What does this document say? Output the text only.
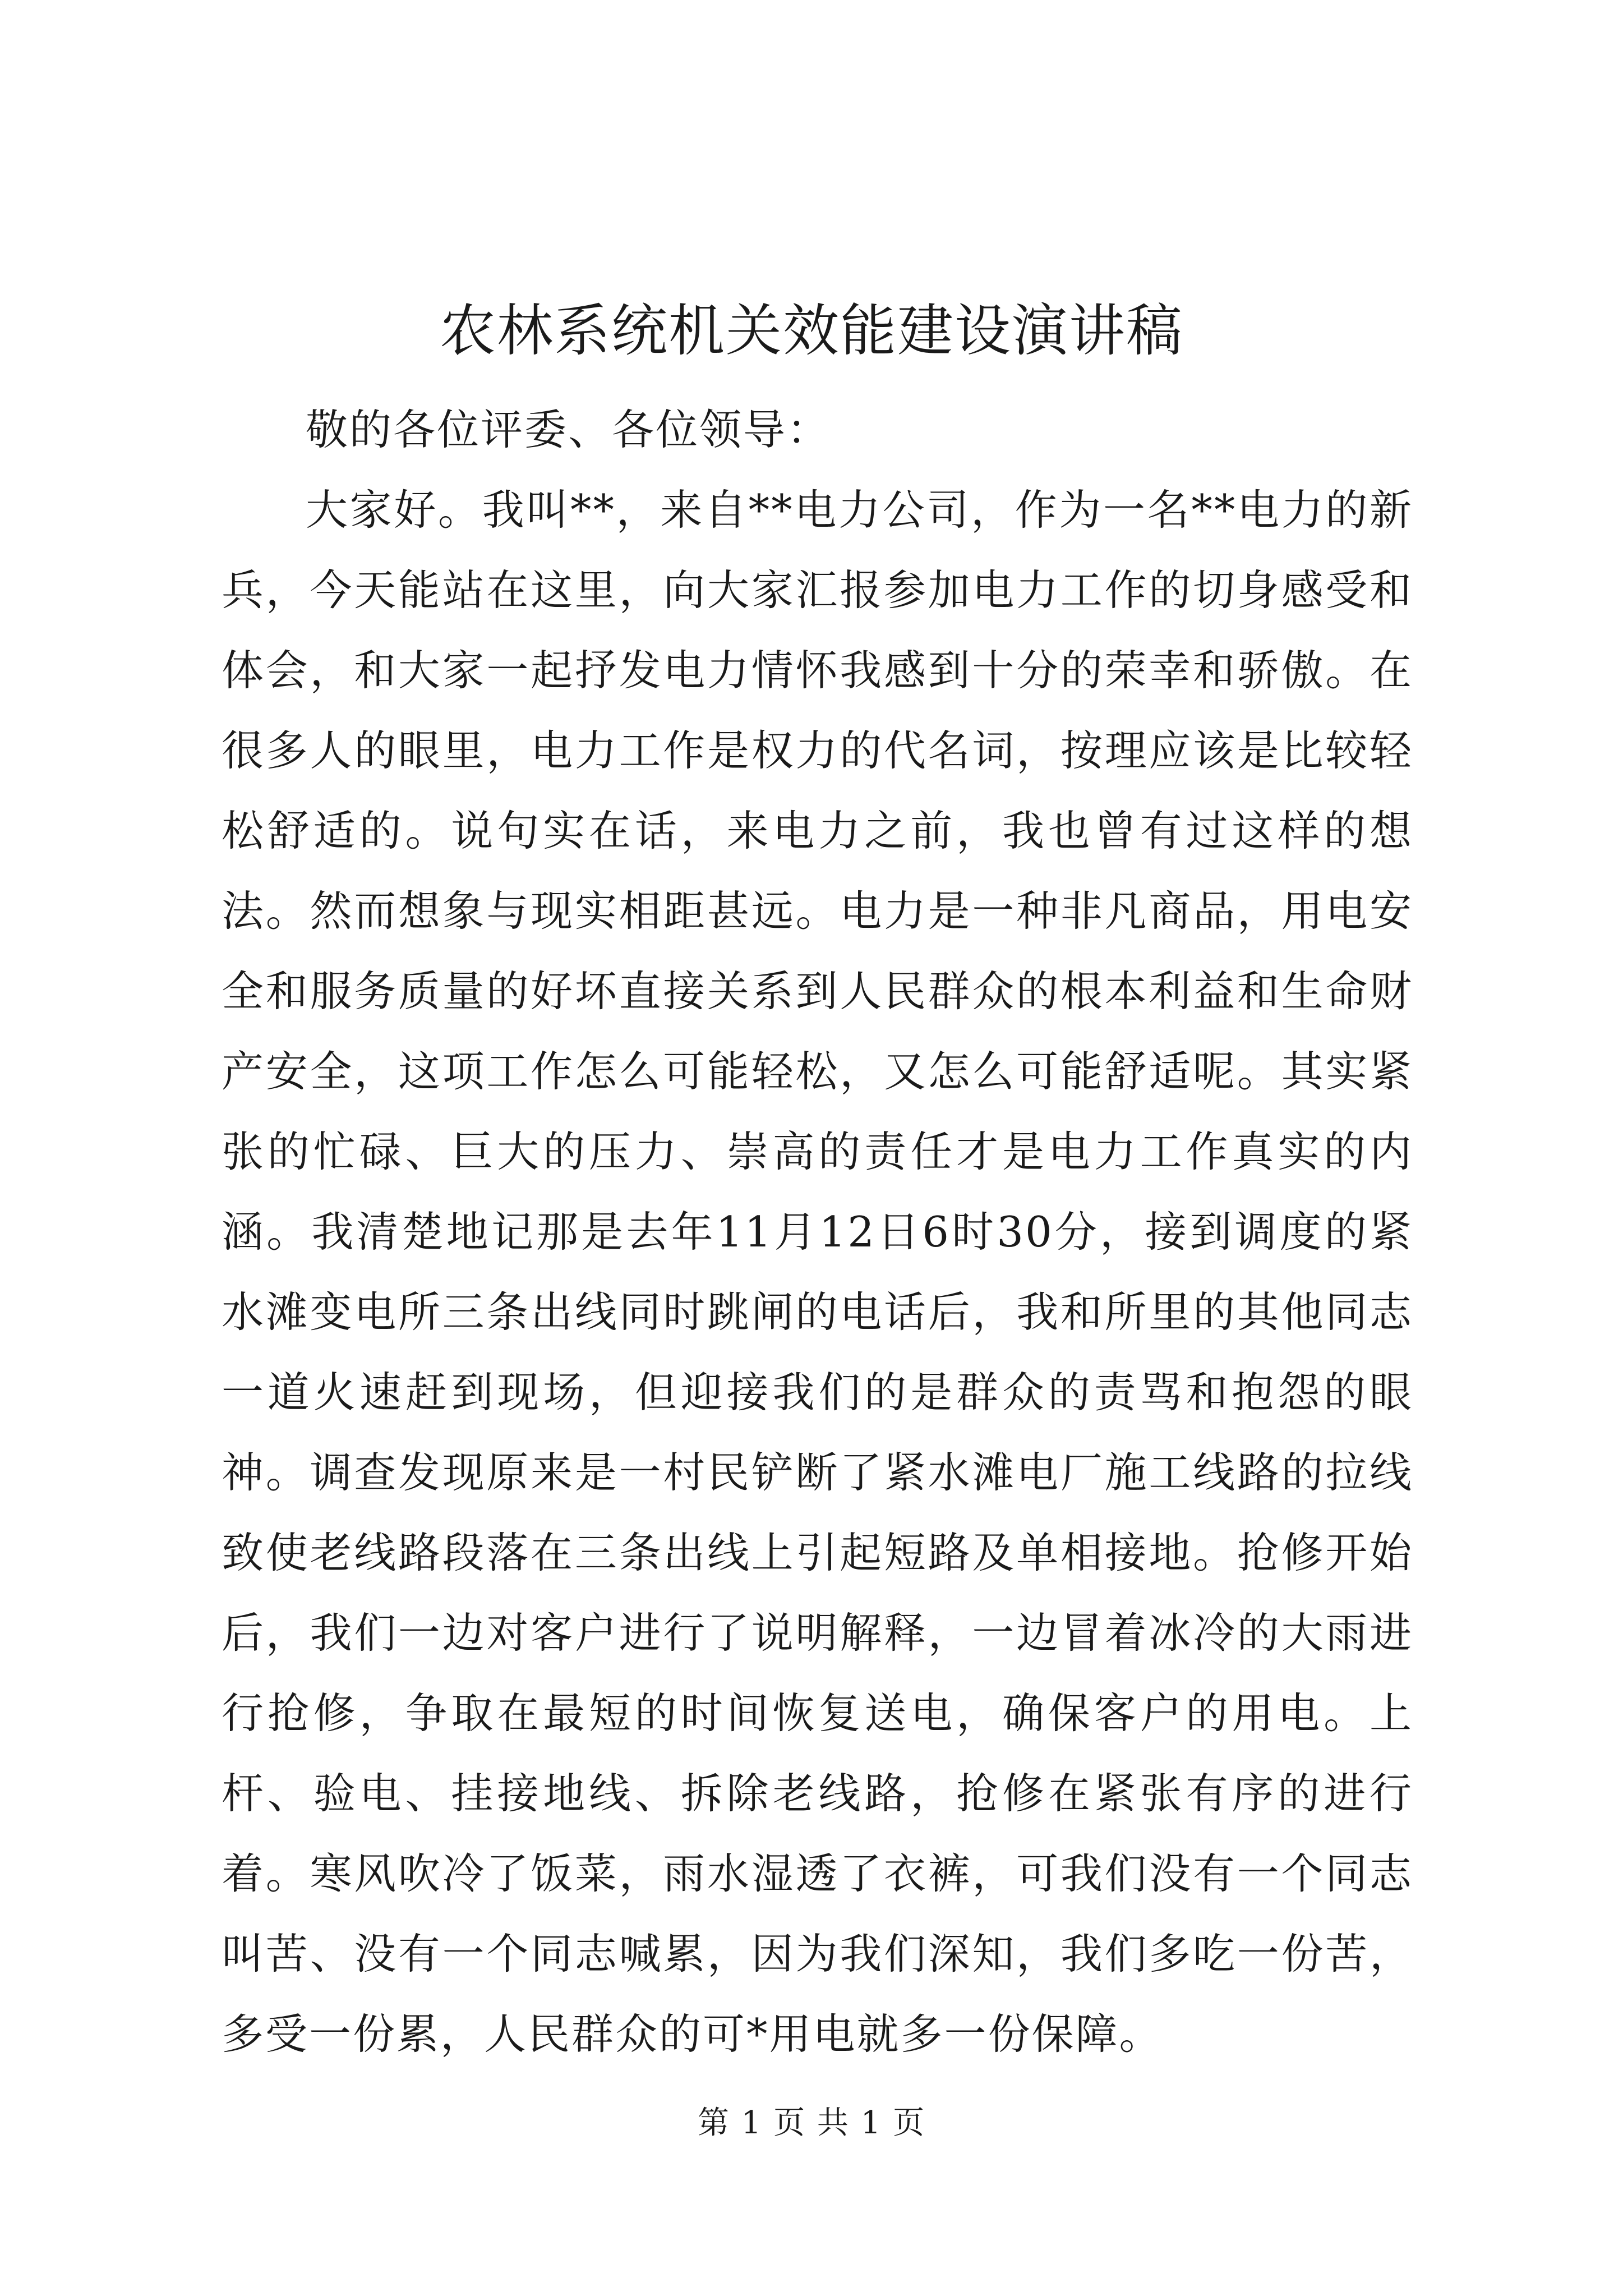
农林系统机关效能建设演讲稿

敬的各位评委、各位领导：

大家好。我叫**，来自**电力公司，作为一名**电力的新兵，今天能站在这里，向大家汇报参加电力工作的切身感受和体会，和大家一起抒发电力情怀我感到十分的荣幸和骄傲。在很多人的眼里，电力工作是权力的代名词，按理应该是比较轻松舒适的。说句实在话，来电力之前，我也曾有过这样的想法。然而想象与现实相距甚远。电力是一种非凡商品，用电安全和服务质量的好坏直接关系到人民群众的根本利益和生命财产安全，这项工作怎么可能轻松，又怎么可能舒适呢。其实紧张的忙碌、巨大的压力、崇高的责任才是电力工作真实的内涵。我清楚地记那是去年11月12日6时30分，接到调度的紧水滩变电所三条出线同时跳闸的电话后，我和所里的其他同志一道火速赶到现场，但迎接我们的是群众的责骂和抱怨的眼神。调查发现原来是一村民铲断了紧水滩电厂施工线路的拉线致使老线路段落在三条出线上引起短路及单相接地。抢修开始后，我们一边对客户进行了说明解释，一边冒着冰冷的大雨进行抢修，争取在最短的时间恢复送电，确保客户的用电。上杆、验电、挂接地线、拆除老线路，抢修在紧张有序的进行着。寒风吹冷了饭菜，雨水湿透了衣裤，可我们没有一个同志叫苦、没有一个同志喊累，因为我们深知，我们多吃一份苦，多受一份累，人民群众的可*用电就多一份保障。

第 1 页 共 1 页
